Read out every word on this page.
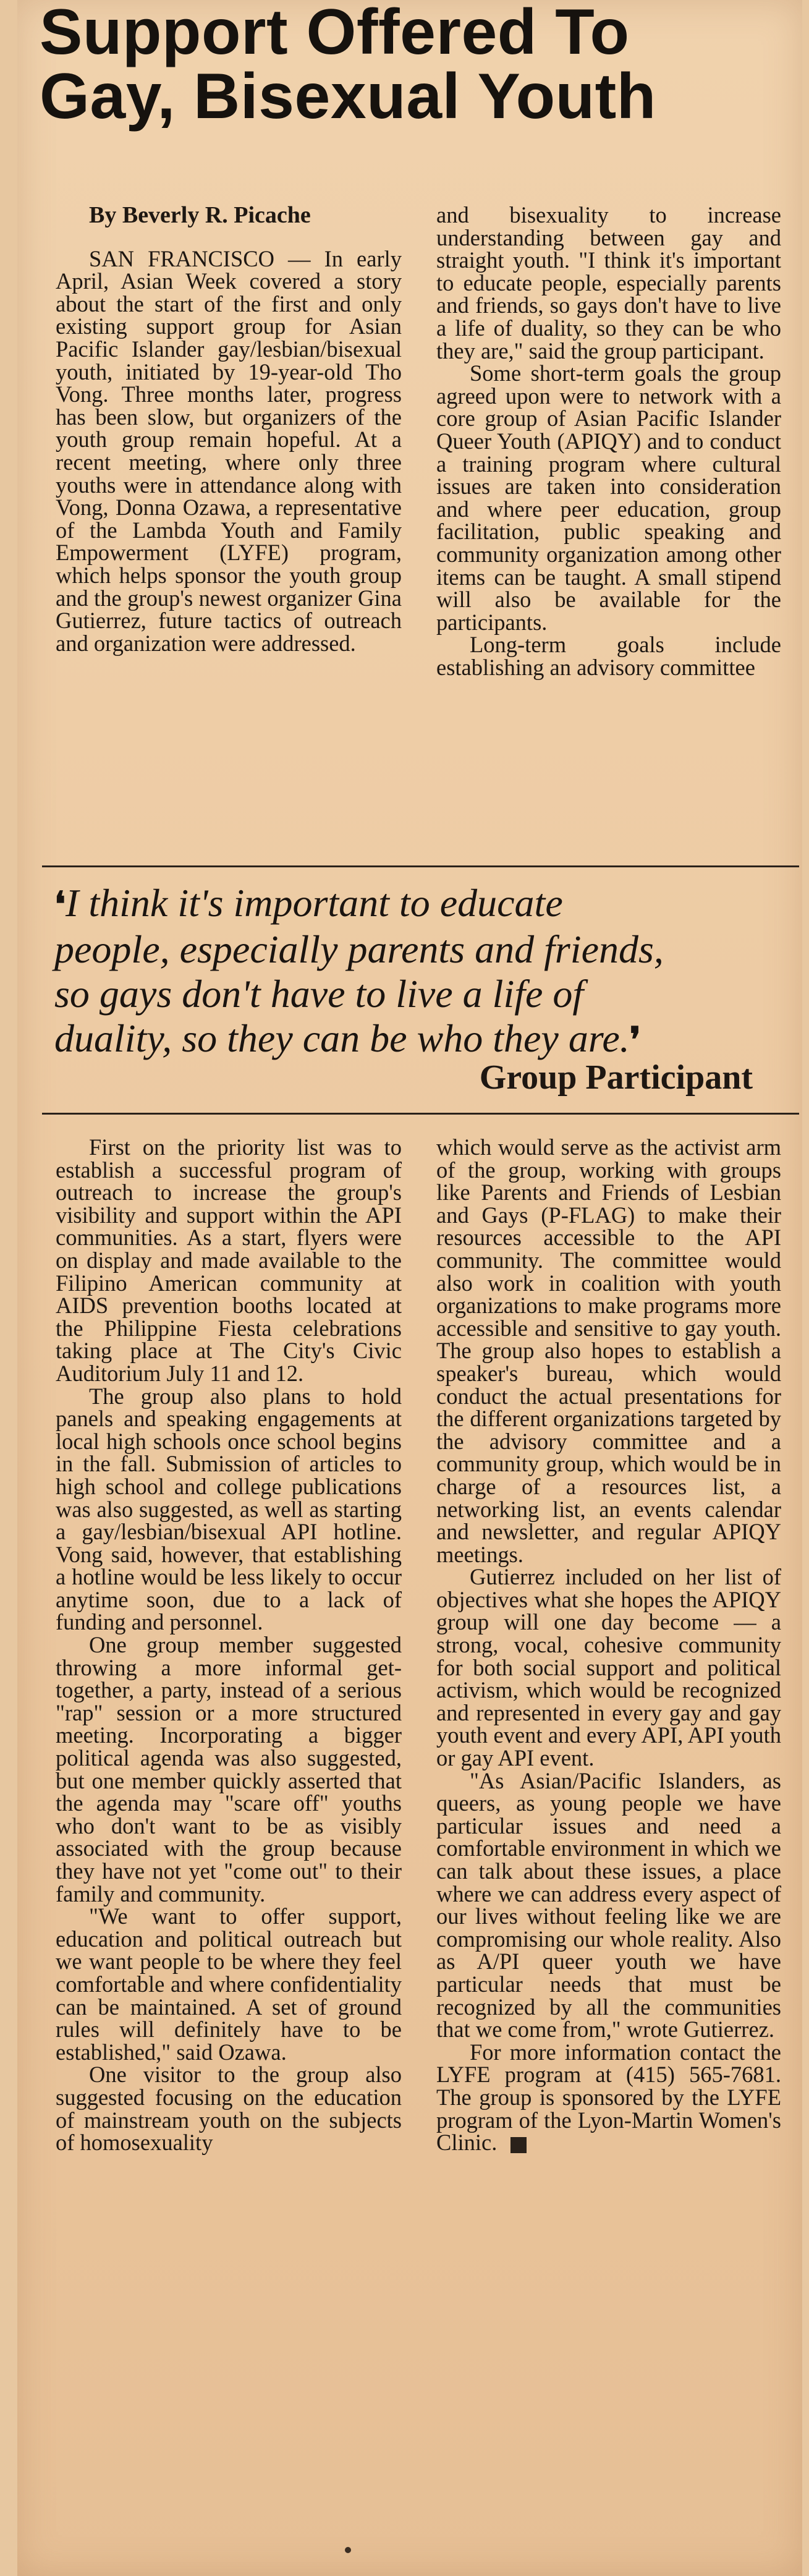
Support Offered To
Gay, Bisexual Youth
By Beverly R. Picache

SAN FRANCISCO — In early April, Asian Week covered a story about the start of the first and only existing support group for Asian Pacific Islander gay/lesbian/bisexual youth, initiated by 19-year-old Tho Vong. Three months later, progress has been slow, but organizers of the youth group remain hopeful. At a recent meeting, where only three youths were in attendance along with Vong, Donna Ozawa, a representative of the Lambda Youth and Family Empowerment (LYFE) program, which helps sponsor the youth group and the group's newest organizer Gina Gutierrez, future tactics of outreach and organization were addressed.

and bisexuality to increase understanding between gay and straight youth. "I think it's important to educate people, especially parents and friends, so gays don't have to live a life of duality, so they can be who they are," said the group participant.

Some short-term goals the group agreed upon were to network with a core group of Asian Pacific Islander Queer Youth (APIQY) and to conduct a training program where cultural issues are taken into consideration and where peer education, group facilitation, public speaking and community organization among other items can be taught. A small stipend will also be available for the participants.

Long-term goals include establishing an advisory committee

❛I think it's important to educate
people, especially parents and friends,
so gays don't have to live a life of
duality, so they can be who they are.❜
Group Participant

First on the priority list was to establish a successful program of outreach to increase the group's visibility and support within the API communities. As a start, flyers were on display and made available to the Filipino American community at AIDS prevention booths located at the Philippine Fiesta celebrations taking place at The City's Civic Auditorium July 11 and 12.

The group also plans to hold panels and speaking engagements at local high schools once school begins in the fall. Submission of articles to high school and college publications was also suggested, as well as starting a gay/lesbian/bisexual API hotline. Vong said, however, that establishing a hotline would be less likely to occur anytime soon, due to a lack of funding and personnel.

One group member suggested throwing a more informal get-together, a party, instead of a serious "rap" session or a more structured meeting. Incorporating a bigger political agenda was also suggested, but one member quickly asserted that the agenda may "scare off" youths who don't want to be as visibly associated with the group because they have not yet "come out" to their family and community.

"We want to offer support, education and political outreach but we want people to be where they feel comfortable and where confidentiality can be maintained. A set of ground rules will definitely have to be established," said Ozawa.

One visitor to the group also suggested focusing on the education of mainstream youth on the subjects of homosexuality

which would serve as the activist arm of the group, working with groups like Parents and Friends of Lesbian and Gays (P-FLAG) to make their resources accessible to the API community. The committee would also work in coalition with youth organizations to make programs more accessible and sensitive to gay youth. The group also hopes to establish a speaker's bureau, which would conduct the actual presentations for the different organizations targeted by the advisory committee and a community group, which would be in charge of a resources list, a networking list, an events calendar and newsletter, and regular APIQY meetings.

Gutierrez included on her list of objectives what she hopes the APIQY group will one day become — a strong, vocal, cohesive community for both social support and political activism, which would be recognized and represented in every gay and gay youth event and every API, API youth or gay API event.

"As Asian/Pacific Islanders, as queers, as young people we have particular issues and need a comfortable environment in which we can talk about these issues, a place where we can address every aspect of our lives without feeling like we are compromising our whole reality. Also as A/PI queer youth we have particular needs that must be recognized by all the communities that we come from," wrote Gutierrez.

For more information contact the LYFE program at (415) 565-7681. The group is sponsored by the LYFE program of the Lyon-Martin Women's Clinic.
